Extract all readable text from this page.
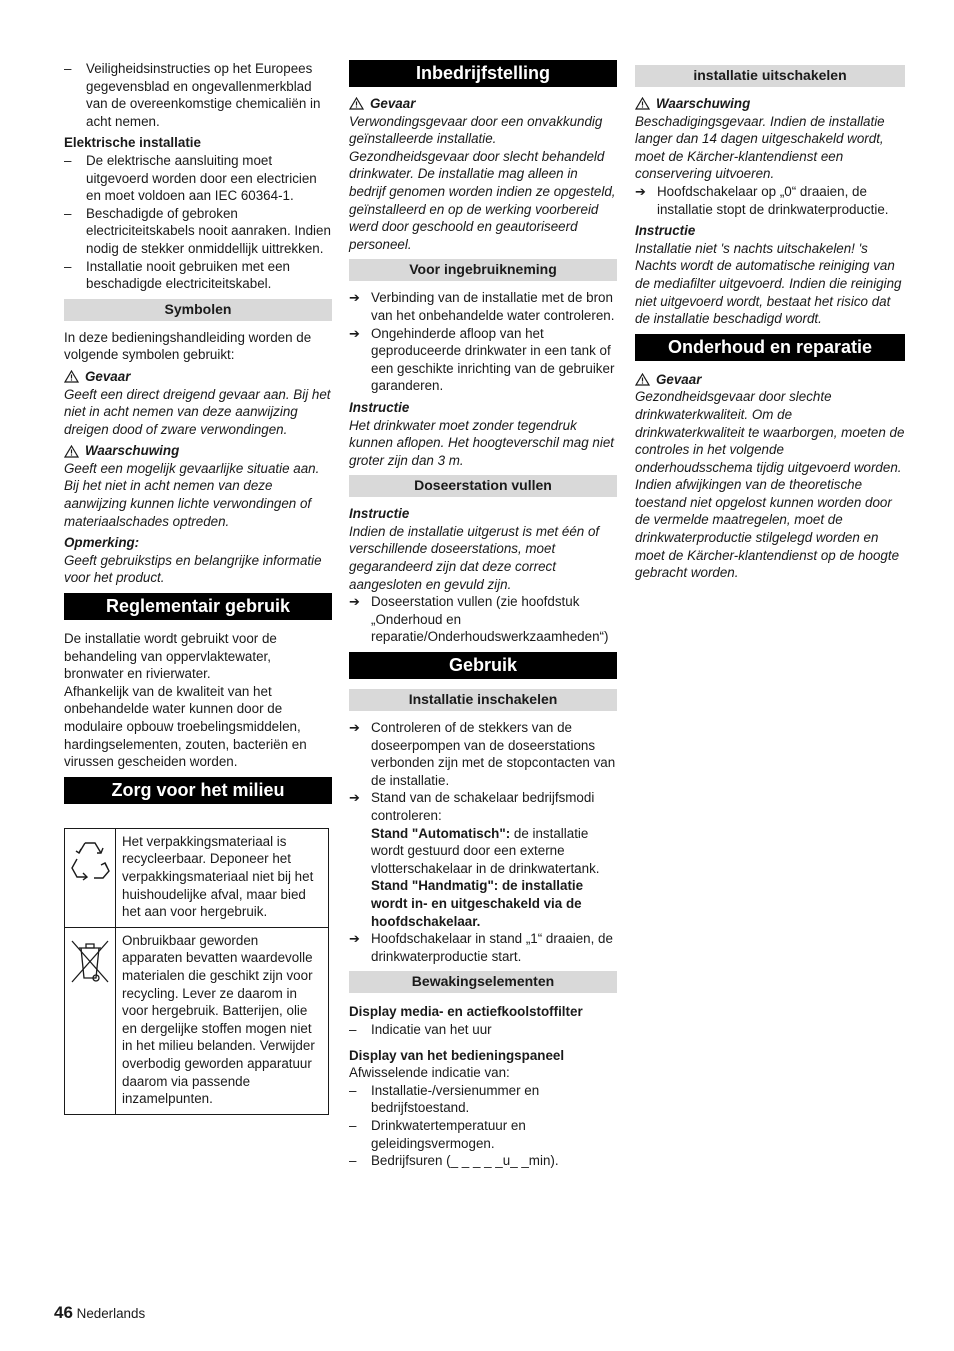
–	Veiligheidsinstructies op het Europees gegevensblad en ongevallenmerkblad van de overeenkomstige chemicaliën in acht nemen.
Elektrische installatie
–	De elektrische aansluiting moet uitgevoerd worden door een electricien en moet voldoen aan IEC 60364-1.
–	Beschadigde of gebroken electriciteitskabels nooit aanraken. Indien nodig de stekker onmiddellijk uittrekken.
–	Installatie nooit gebruiken met een beschadigde electriciteitskabel.
Symbolen

In deze bedieningshandleiding worden de volgende symbolen gebruikt:

Gevaar

Geeft een direct dreigend gevaar aan. Bij het niet in acht nemen van deze aanwijzing dreigen dood of zware verwondingen.

Waarschuwing

Geeft een mogelijk gevaarlijke situatie aan. Bij het niet in acht nemen van deze aanwijzing kunnen lichte verwondingen of materiaalschades optreden.

Opmerking:

Geeft gebruikstips en belangrijke informatie voor het product.

Reglementair gebruik

De installatie wordt gebruikt voor de behandeling van oppervlaktewater, bronwater en rivierwater.

Afhankelijk van de kwaliteit van het onbehandelde water kunnen door de modulaire opbouw troebelingsmiddelen, hardingselementen, zouten, bacteriën en virussen gescheiden worden.

Zorg voor het milieu
	Het verpakkingsmateriaal is recycleerbaar. Deponeer het verpakkingsmateriaal niet bij het huishoudelijke afval, maar bied het aan voor hergebruik.
	Onbruikbaar geworden apparaten bevatten waardevolle materialen die geschikt zijn voor recycling. Lever ze daarom in voor hergebruik. Batterijen, olie en dergelijke stoffen mogen niet in het milieu belanden. Verwijder overbodig geworden apparatuur daarom via passende inzamelpunten.
Inbedrijfstelling
Gevaar

Verwondingsgevaar door een onvakkundig geïnstalleerde installatie. Gezondheidsgevaar door slecht behandeld drinkwater. De installatie mag alleen in bedrijf genomen worden indien ze opgesteld, geïnstalleerd en op de werking voorbereid werd door geschoold en geautoriseerd personeel.

Voor ingebruikneming
➔ Verbinding van de installatie met de bron van het onbehandelde water controleren.
➔ Ongehinderde afloop van het geproduceerde drinkwater in een tank of een geschikte inrichting van de gebruiker garanderen.
Instructie

Het drinkwater moet zonder tegendruk kunnen aflopen. Het hoogteverschil mag niet groter zijn dan 3 m.

Doseerstation vullen
Instructie

Indien de installatie uitgerust is met één of verschillende doseerstations, moet gegarandeerd zijn dat deze correct aangesloten en gevuld zijn.

➔ Doseerstation vullen (zie hoofdstuk „Onderhoud en reparatie/Onderhoudswerkzaamheden“)
Gebruik
Installatie inschakelen
➔ Controleren of de stekkers van de doseerpompen van de doseerstations verbonden zijn met de stopcontacten van de installatie.
➔ Stand van de schakelaar bedrijfsmodi controleren:

Stand "Automatisch": de installatie wordt gestuurd door een externe vlotterschakelaar in de drinkwatertank.

Stand "Handmatig": de installatie wordt in- en uitgeschakeld via de hoofdschakelaar.

➔ Hoofdschakelaar in stand „1“ draaien, de drinkwaterproductie start.
Bewakingselementen
Display media- en actiefkoolstoffilter
–	Indicatie van het uur
Display van het bedieningspaneel

Afwisselende indicatie van:

–	Installatie-/versienummer en bedrijfstoestand.
–	Drinkwatertemperatuur en geleidingsvermogen.
–	Bedrijfsuren (_ _ _ _ _u_ _min).
installatie uitschakelen
Waarschuwing

Beschadigingsgevaar. Indien de installatie langer dan 14 dagen uitgeschakeld wordt, moet de Kärcher-klantendienst een conservering uitvoeren.

➔ Hoofdschakelaar op „0“ draaien, de installatie stopt de drinkwaterproductie.
Instructie

Installatie niet 's nachts uitschakelen! 's Nachts wordt de automatische reiniging van de mediafilter uitgevoerd. Indien die reiniging niet uitgevoerd wordt, bestaat het risico dat de installatie beschadigd wordt.

Onderhoud en reparatie
Gevaar

Gezondheidsgevaar door slechte drinkwaterkwaliteit. Om de drinkwaterkwaliteit te waarborgen, moeten de controles in het volgende onderhoudsschema tijdig uitgevoerd worden. Indien afwijkingen van de theoretische toestand niet opgelost kunnen worden door de vermelde maatregelen, moet de drinkwaterproductie stilgelegd worden en moet de Kärcher-klantendienst op de hoogte gebracht worden.

46 Nederlands
